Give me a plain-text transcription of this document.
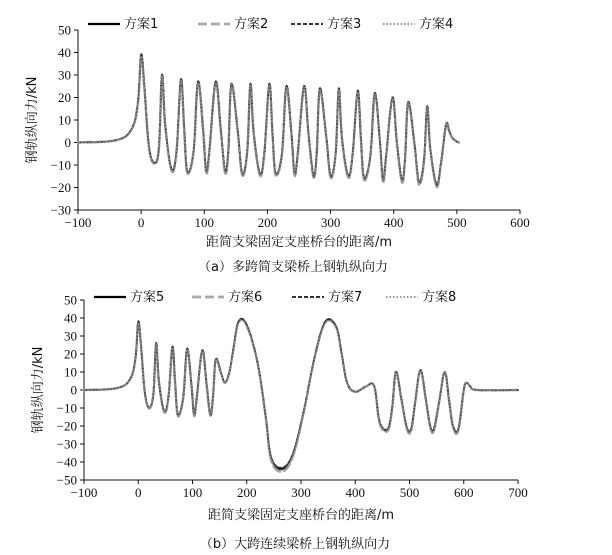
−30
−20
−10
0
10
20
30
40
50
−100	0	100	200	300	400	500	600
钢轨纵向力/kN
距简支梁固定支座桥台的距离/m
（a）多跨简支梁桥上钢轨纵向力
方案1	方案2	方案3	方案4
−50
−40
−30
−20
−10
0
10
20
30
40
50
−100	0	100	200	300	400	500	600	700
钢轨纵向力/kN
距简支梁固定支座桥台的距离/m
（b）大跨连续梁桥上钢轨纵向力
方案5	方案6	方案7	方案8
